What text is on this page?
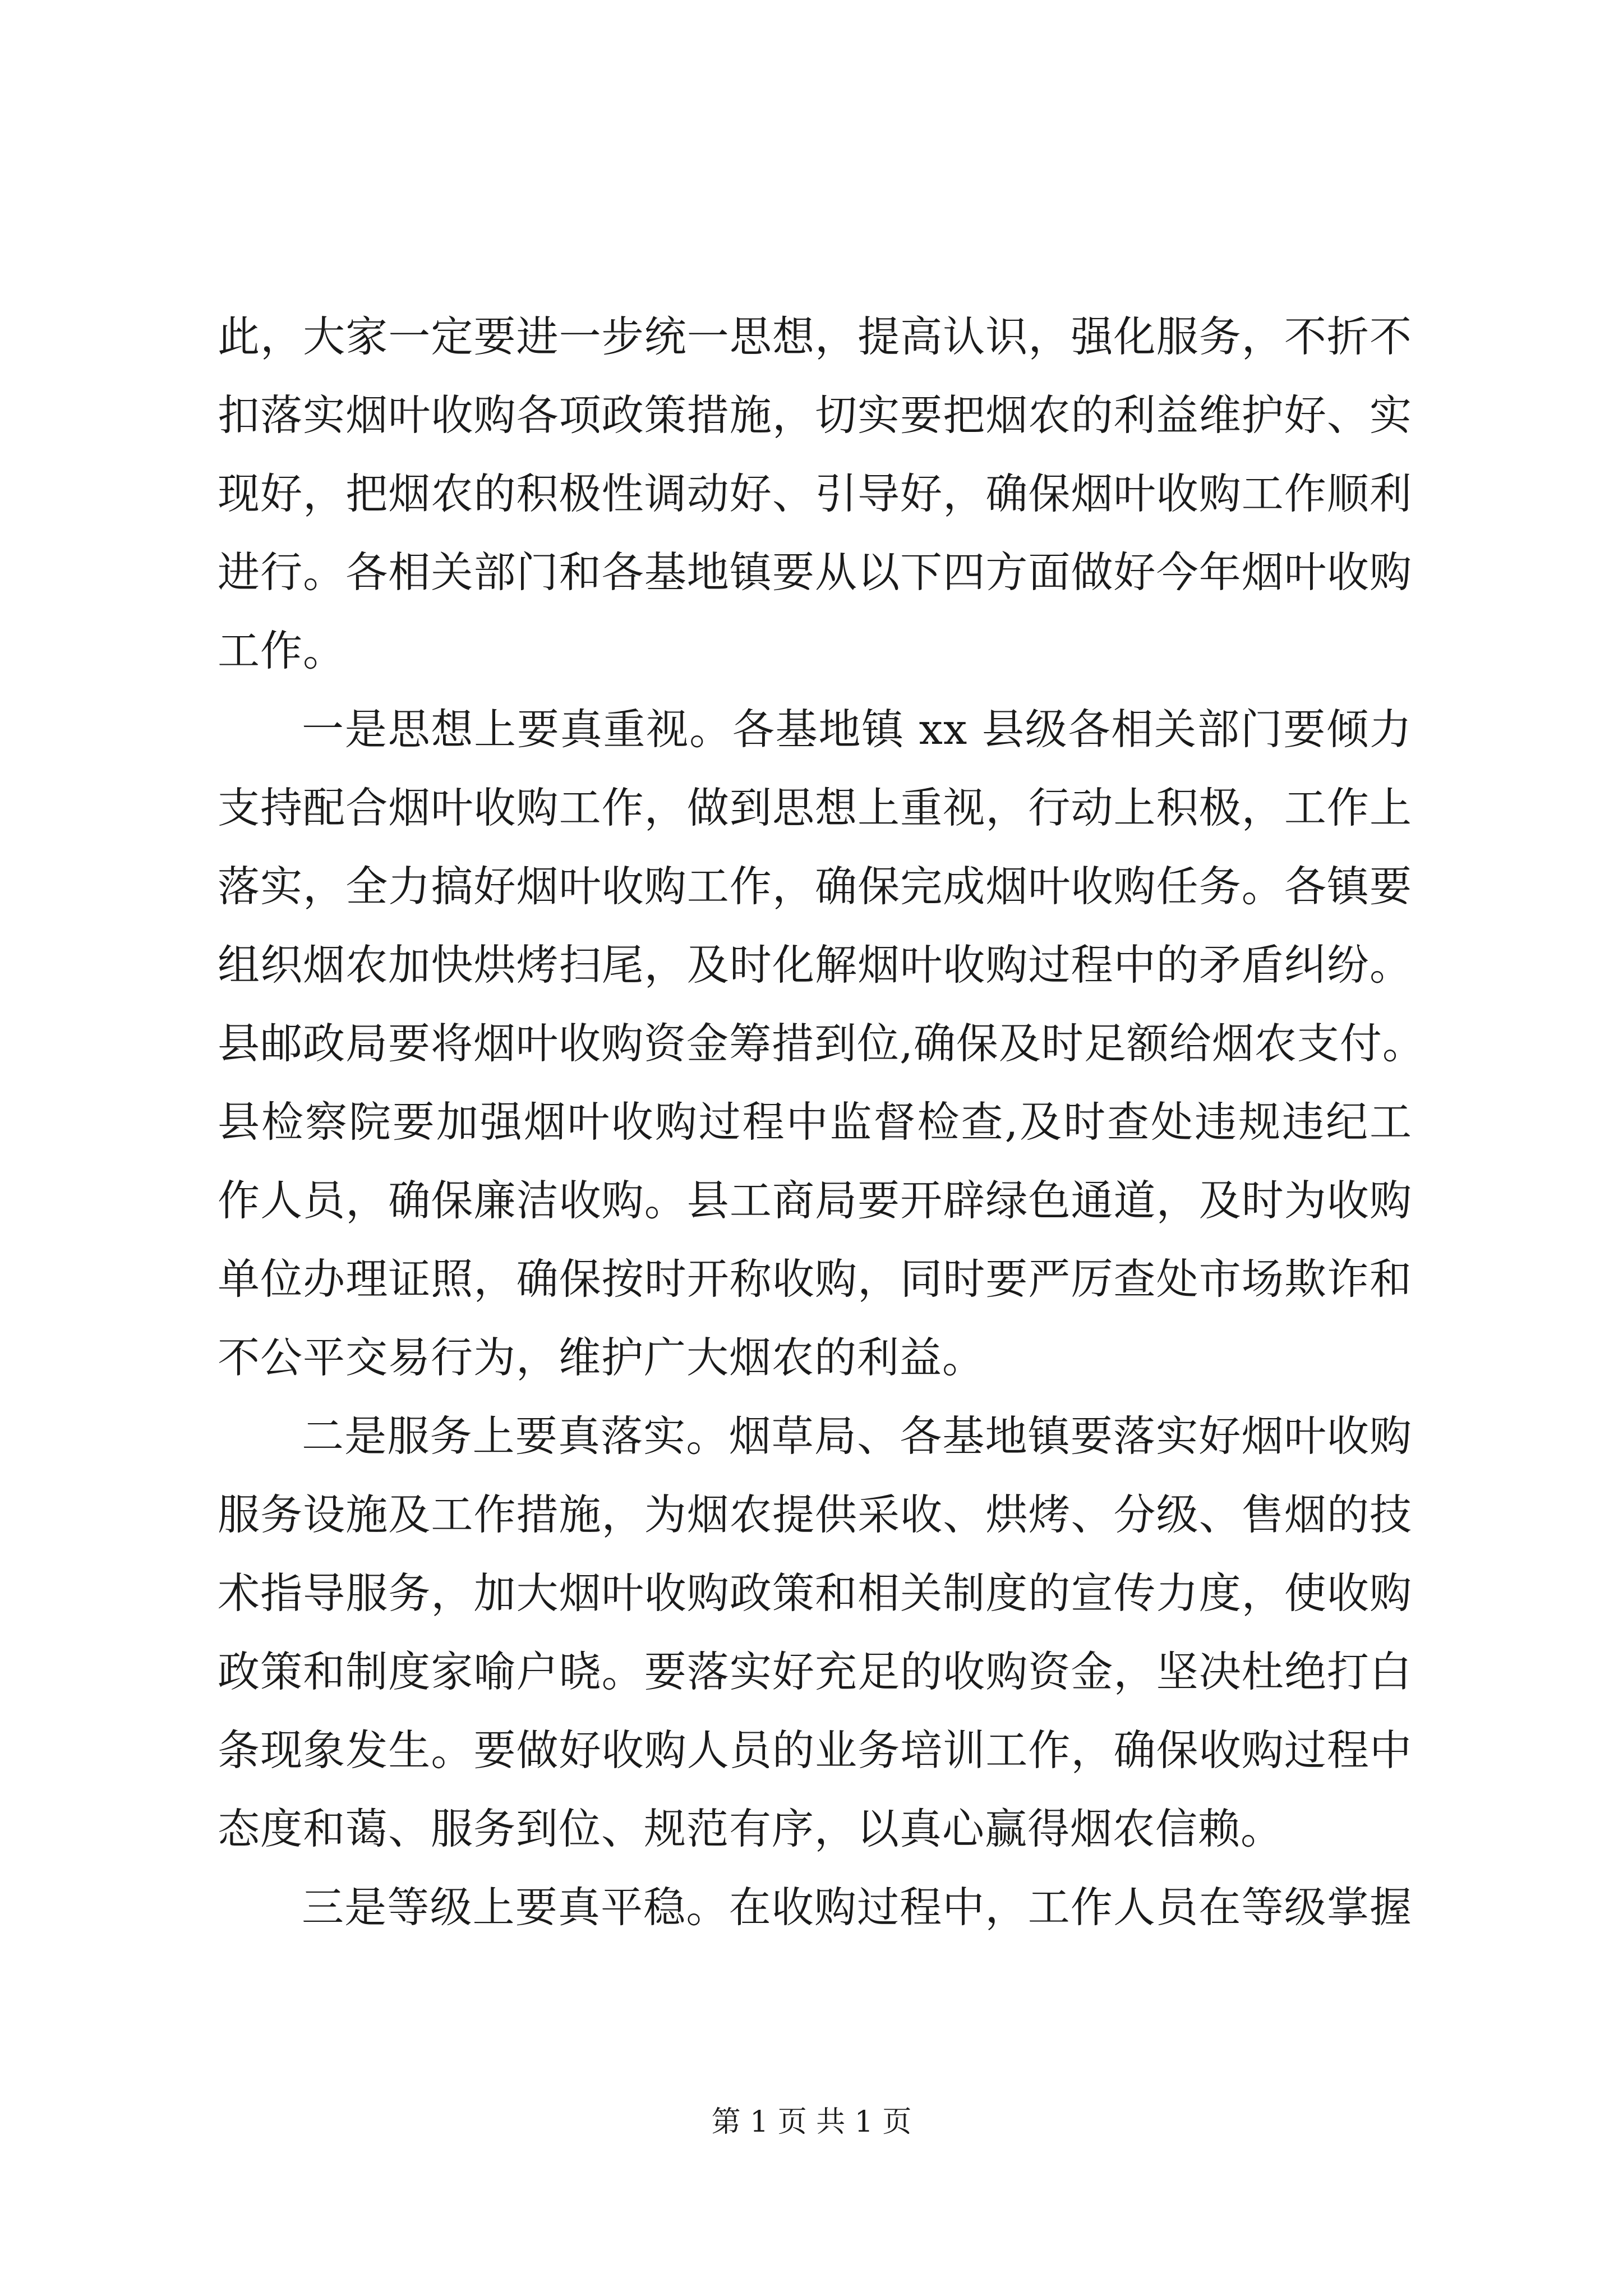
此，大家一定要进一步统一思想，提高认识，强化服务，不折不
扣落实烟叶收购各项政策措施，切实要把烟农的利益维护好、实
现好，把烟农的积极性调动好、引导好，确保烟叶收购工作顺利
进行。各相关部门和各基地镇要从以下四方面做好今年烟叶收购
工作。
一是思想上要真重视。各基地镇 xx 县级各相关部门要倾力
支持配合烟叶收购工作，做到思想上重视，行动上积极，工作上
落实，全力搞好烟叶收购工作，确保完成烟叶收购任务。各镇要
组织烟农加快烘烤扫尾，及时化解烟叶收购过程中的矛盾纠纷。
县邮政局要将烟叶收购资金筹措到位,确保及时足额给烟农支付。
县检察院要加强烟叶收购过程中监督检查,及时查处违规违纪工
作人员，确保廉洁收购。县工商局要开辟绿色通道，及时为收购
单位办理证照，确保按时开称收购，同时要严厉查处市场欺诈和
不公平交易行为，维护广大烟农的利益。
二是服务上要真落实。烟草局、各基地镇要落实好烟叶收购
服务设施及工作措施，为烟农提供采收、烘烤、分级、售烟的技
术指导服务，加大烟叶收购政策和相关制度的宣传力度，使收购
政策和制度家喻户晓。要落实好充足的收购资金，坚决杜绝打白
条现象发生。要做好收购人员的业务培训工作，确保收购过程中
态度和蔼、服务到位、规范有序，以真心赢得烟农信赖。
三是等级上要真平稳。在收购过程中，工作人员在等级掌握
第 1 页 共 1 页
